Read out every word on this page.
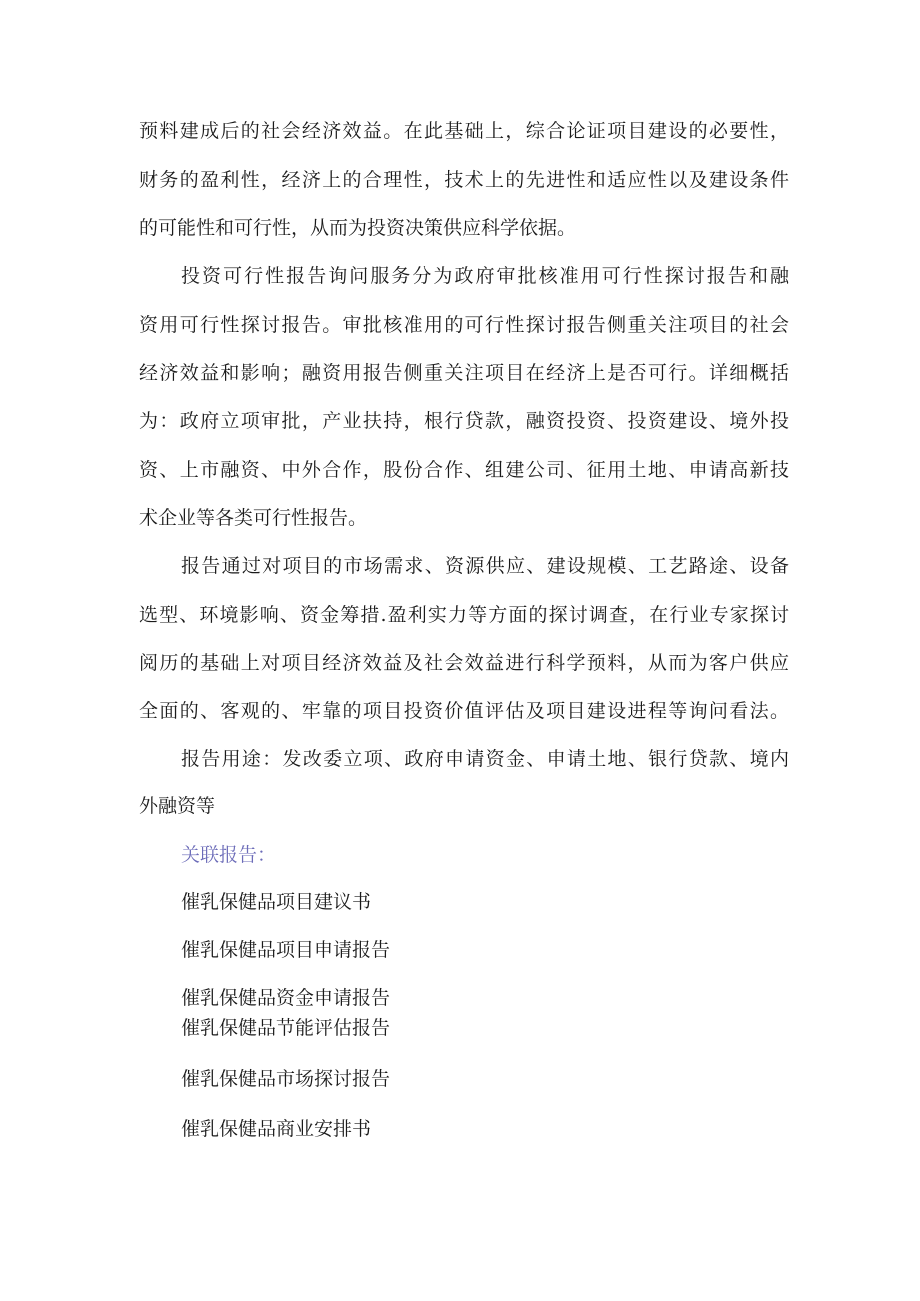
预料建成后的社会经济效益。在此基础上，综合论证项目建设的必要性，
财务的盈利性，经济上的合理性，技术上的先进性和适应性以及建设条件
的可能性和可行性，从而为投资决策供应科学依据。
投资可行性报告询问服务分为政府审批核准用可行性探讨报告和融
资用可行性探讨报告。审批核准用的可行性探讨报告侧重关注项目的社会
经济效益和影响；融资用报告侧重关注项目在经济上是否可行。详细概括
为：政府立项审批，产业扶持，根行贷款，融资投资、投资建设、境外投
资、上市融资、中外合作，股份合作、组建公司、征用土地、申请高新技
术企业等各类可行性报告。
报告通过对项目的市场需求、资源供应、建设规模、工艺路途、设备
选型、环境影响、资金筹措.盈利实力等方面的探讨调查，在行业专家探讨
阅历的基础上对项目经济效益及社会效益进行科学预料，从而为客户供应
全面的、客观的、牢靠的项目投资价值评估及项目建设进程等询问看法。
报告用途：发改委立项、政府申请资金、申请土地、银行贷款、境内
外融资等
关联报告：
催乳保健品项目建议书
催乳保健品项目申请报告
催乳保健品资金申请报告
催乳保健品节能评估报告
催乳保健品市场探讨报告
催乳保健品商业安排书
